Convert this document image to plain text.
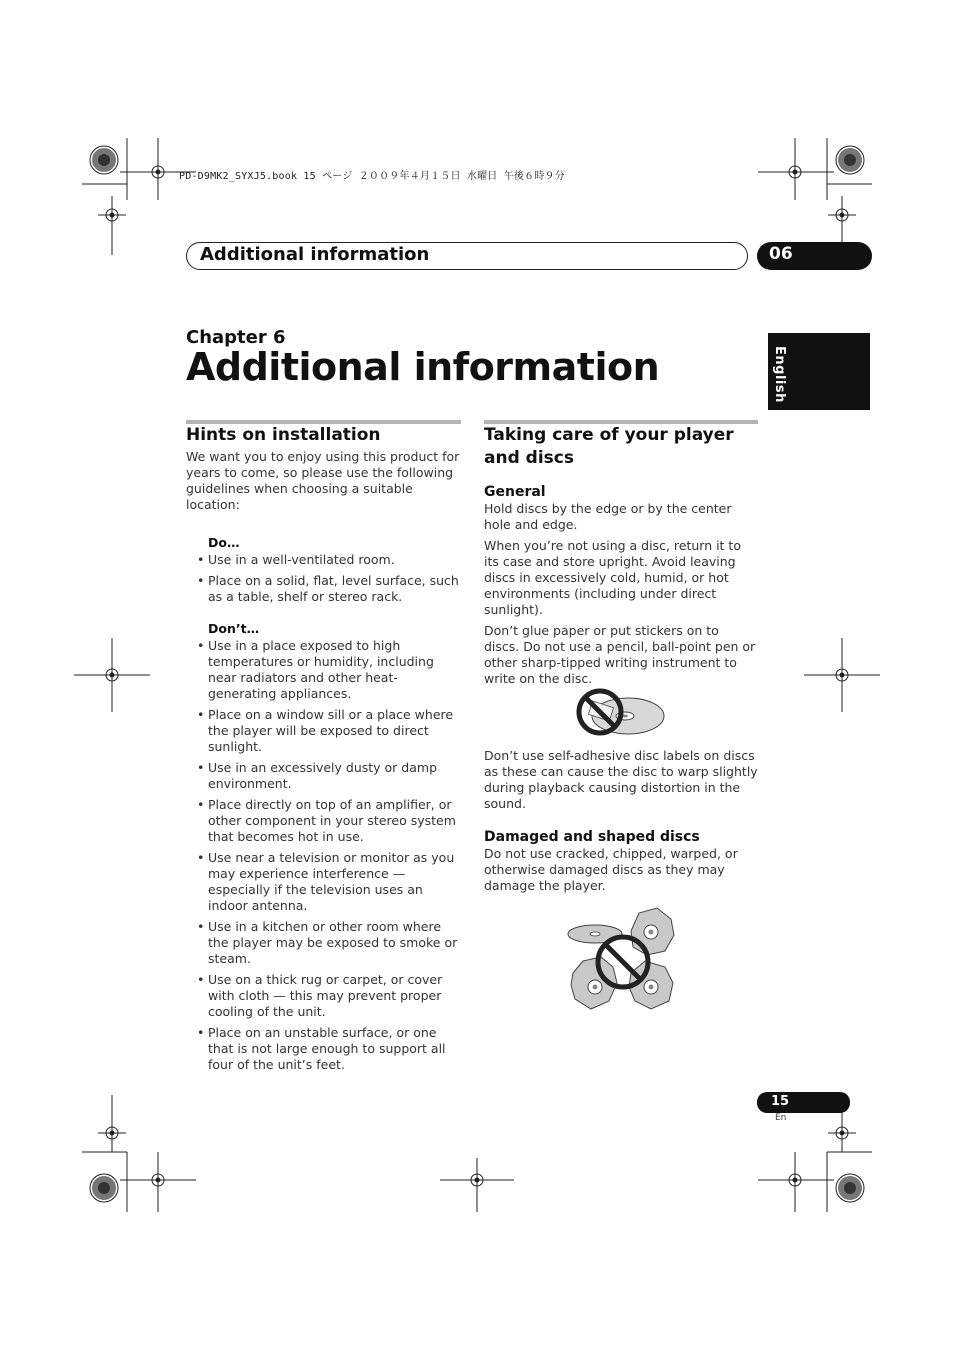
PD-D9MK2_SYXJ5.book 15 ページ ２００９年４月１５日 水曜日 午後６時９分
Additional information	06
English
Chapter 6
Additional information
Hints on installation
We want you to enjoy using this product for years to come, so please use the following guidelines when choosing a suitable location:
Do…
• Use in a well-ventilated room.
• Place on a solid, flat, level surface, such as a table, shelf or stereo rack.
Don’t…
• Use in a place exposed to high temperatures or humidity, including near radiators and other heat-generating appliances.
• Place on a window sill or a place where the player will be exposed to direct sunlight.
• Use in an excessively dusty or damp environment.
• Place directly on top of an amplifier, or other component in your stereo system that becomes hot in use.
• Use near a television or monitor as you may experience interference — especially if the television uses an indoor antenna.
• Use in a kitchen or other room where the player may be exposed to smoke or steam.
• Use on a thick rug or carpet, or cover with cloth — this may prevent proper cooling of the unit.
• Place on an unstable surface, or one that is not large enough to support all four of the unit’s feet.
Taking care of your player and discs
General
Hold discs by the edge or by the center hole and edge.
When you’re not using a disc, return it to its case and store upright. Avoid leaving discs in excessively cold, humid, or hot environments (including under direct sunlight).
Don’t glue paper or put stickers on to discs. Do not use a pencil, ball-point pen or other sharp-tipped writing instrument to write on the disc.
Don’t use self-adhesive disc labels on discs as these can cause the disc to warp slightly during playback causing distortion in the sound.
Damaged and shaped discs
Do not use cracked, chipped, warped, or otherwise damaged discs as they may damage the player.
15
En
